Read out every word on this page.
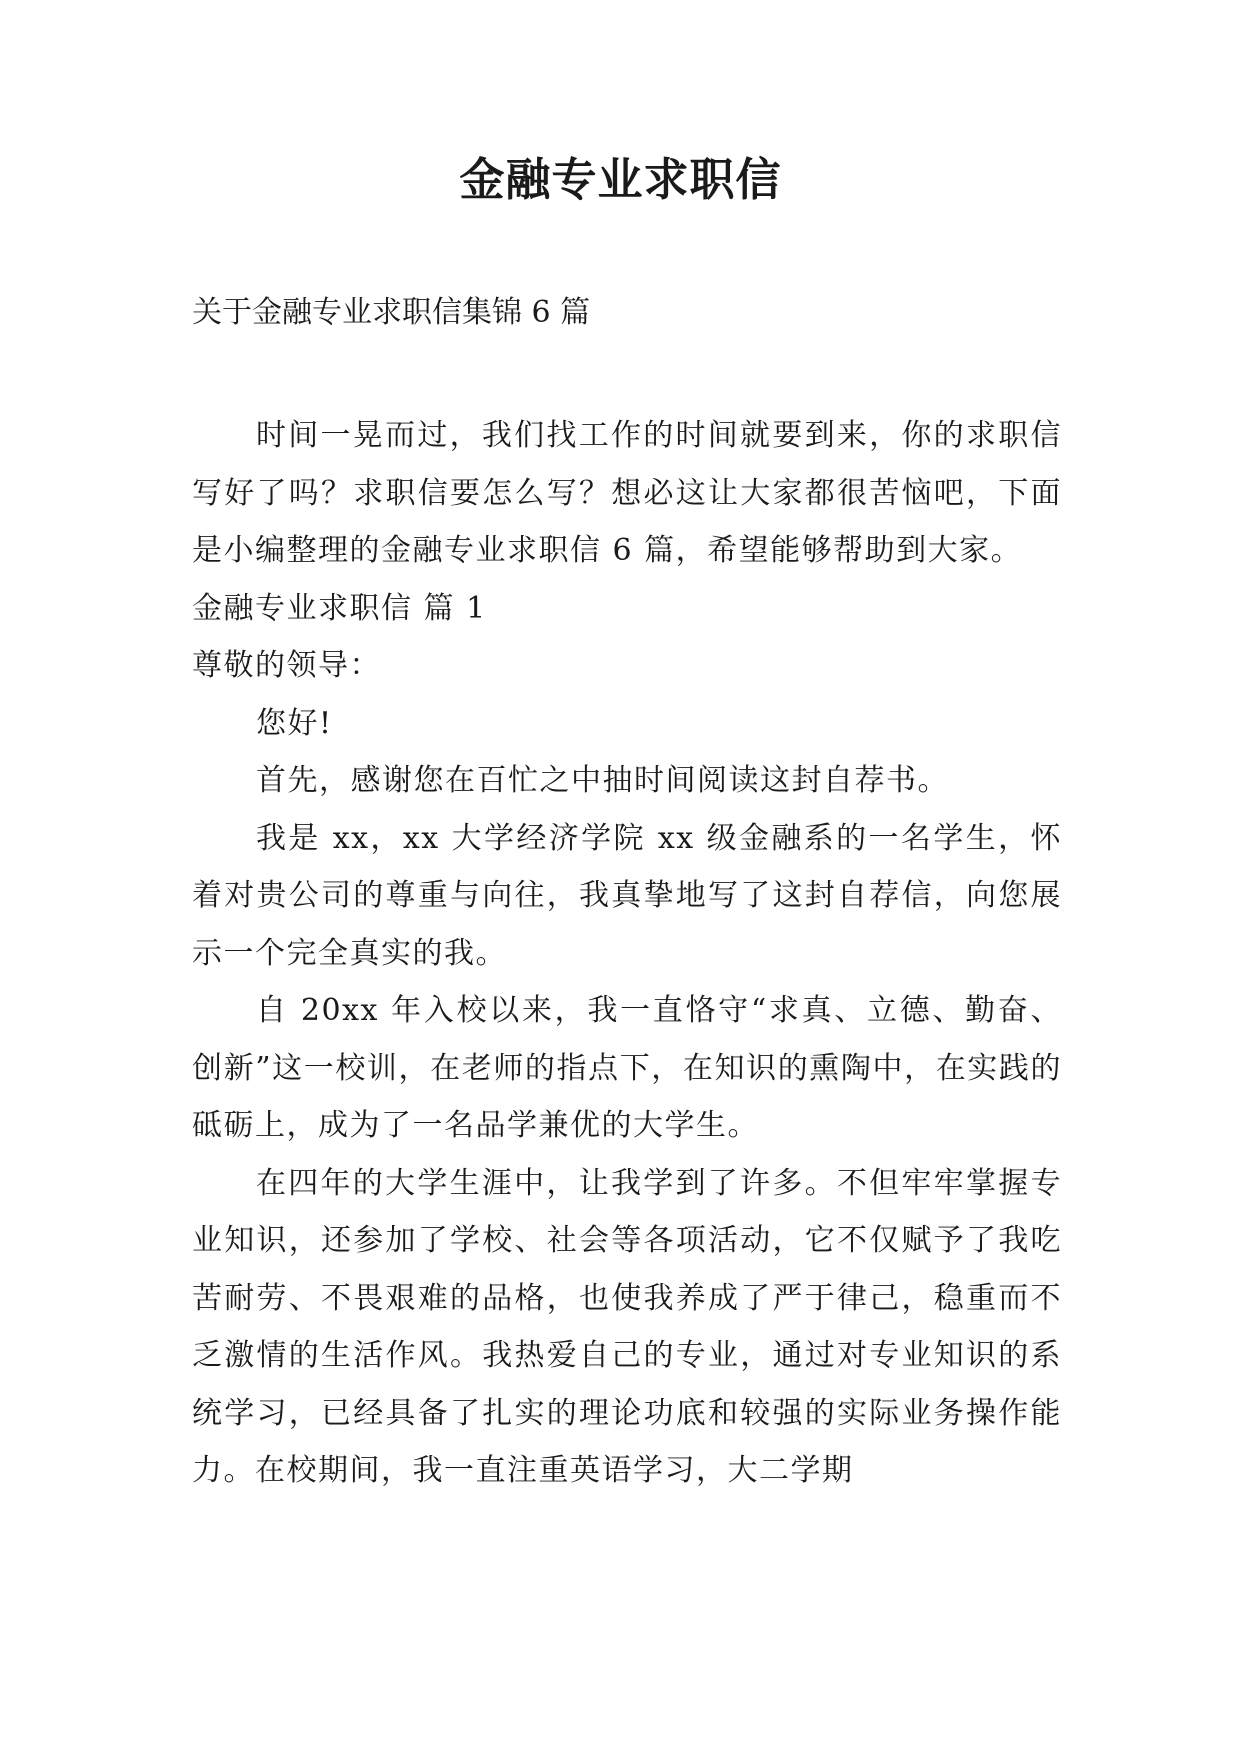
金融专业求职信

关于金融专业求职信集锦 6 篇

时间一晃而过，我们找工作的时间就要到来，你的求职信写好了吗？求职信要怎么写？想必这让大家都很苦恼吧，下面是小编整理的金融专业求职信 6 篇，希望能够帮助到大家。

金融专业求职信 篇 1

尊敬的领导：

您好!

首先，感谢您在百忙之中抽时间阅读这封自荐书。

我是 xx，xx 大学经济学院 xx 级金融系的一名学生，怀着对贵公司的尊重与向往，我真挚地写了这封自荐信，向您展示一个完全真实的我。

自 20xx 年入校以来，我一直恪守“求真、立德、勤奋、创新”这一校训，在老师的指点下，在知识的熏陶中，在实践的砥砺上，成为了一名品学兼优的大学生。

在四年的大学生涯中，让我学到了许多。不但牢牢掌握专业知识，还参加了学校、社会等各项活动，它不仅赋予了我吃苦耐劳、不畏艰难的品格，也使我养成了严于律己，稳重而不乏激情的生活作风。我热爱自己的专业，通过对专业知识的系统学习，已经具备了扎实的理论功底和较强的实际业务操作能力。在校期间，我一直注重英语学习，大二学期
